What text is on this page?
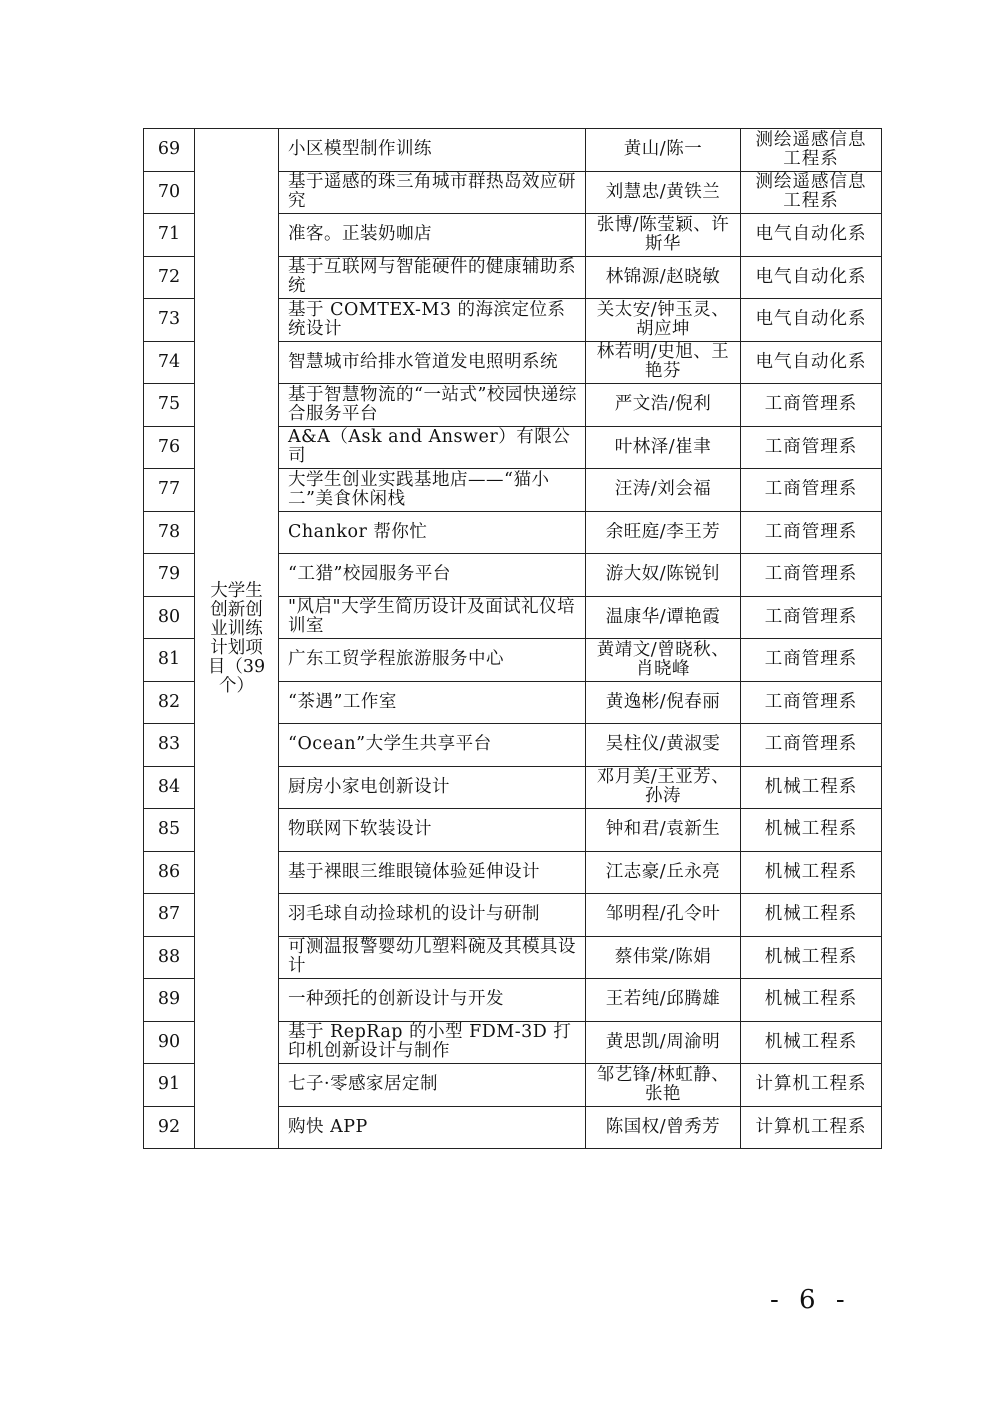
69	大学生创新创业训练计划项目（39个）	小区模型制作训练	黄山/陈一	测绘遥感信息工程系
70		基于遥感的珠三角城市群热岛效应研究	刘慧忠/黄铁兰	测绘遥感信息工程系
71		准客。正装奶咖店	张博/陈莹颖、许斯华	电气自动化系
72		基于互联网与智能硬件的健康辅助系统	林锦源/赵晓敏	电气自动化系
73		基于 COMTEX-M3 的海滨定位系统设计	关太安/钟玉灵、胡应坤	电气自动化系
74		智慧城市给排水管道发电照明系统	林若明/史旭、王艳芬	电气自动化系
75		基于智慧物流的“一站式”校园快递综合服务平台	严文浩/倪利	工商管理系
76		A&A（Ask and Answer）有限公司	叶林泽/崔聿	工商管理系
77		大学生创业实践基地店——“猫小二”美食休闲栈	汪涛/刘会福	工商管理系
78		Chankor 帮你忙	余旺庭/李王芳	工商管理系
79		“工猎”校园服务平台	游大奴/陈锐钊	工商管理系
80		"风启"大学生简历设计及面试礼仪培训室	温康华/谭艳霞	工商管理系
81		广东工贸学程旅游服务中心	黄靖文/曾晓秋、肖晓峰	工商管理系
82		“茶遇”工作室	黄逸彬/倪春丽	工商管理系
83		“Ocean”大学生共享平台	吴柱仪/黄淑雯	工商管理系
84		厨房小家电创新设计	邓月美/王亚芳、孙涛	机械工程系
85		物联网下软装设计	钟和君/袁新生	机械工程系
86		基于裸眼三维眼镜体验延伸设计	江志豪/丘永亮	机械工程系
87		羽毛球自动捡球机的设计与研制	邹明程/孔令叶	机械工程系
88		可测温报警婴幼儿塑料碗及其模具设计	蔡伟棠/陈娟	机械工程系
89		一种颈托的创新设计与开发	王若纯/邱腾雄	机械工程系
90		基于 RepRap 的小型 FDM-3D 打印机创新设计与制作	黄思凯/周渝明	机械工程系
91		七子·零感家居定制	邹艺锋/林虹静、张艳	计算机工程系
92		购快 APP	陈国权/曾秀芳	计算机工程系
- 6 -
